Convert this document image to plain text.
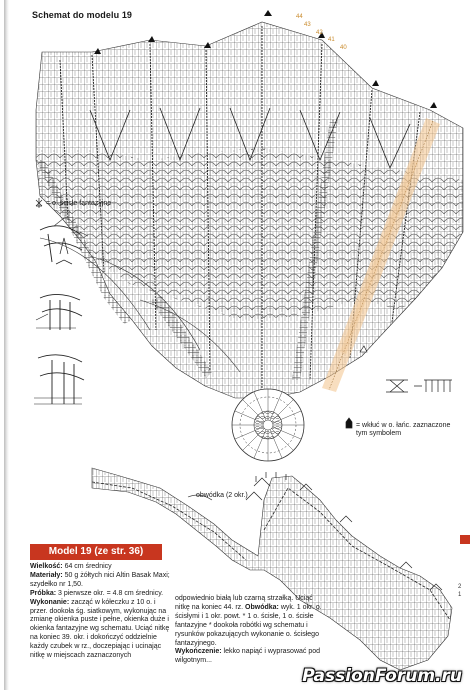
Schemat do modelu 19	44
43
42
41
40
= o. ścisłe fantazyjne
= wkłuć w o. łańc. zaznaczone tym symbolem
obwódka (2 okr.)
2
1
Model 19 (ze str. 36)

Wielkość: 64 cm średnicy

Materiały: 50 g żółtych nici Altin Basak Maxi; szydełko nr 1,50.

Próbka: 3 pierwsze okr. = 4.8 cm średnicy.

Wykonanie: zacząć w kółeczku z 10 o. i przer. dookoła śg. siatkowym, wykonując na zmianę okienka puste i pełne, okienka duże i okienka fantazyjne wg schematu. Uciąć nitkę na koniec 39. okr. i dokończyć oddzielnie każdy czubek w rz., doczepiając i ucinając nitkę w miejscach zaznaczonych

odpowiednio białą lub czarną strzałką. Uciąć nitkę na koniec 44. rz. Obwódka: wyk. 1 okr. o. ścisłymi i 1 okr. powt. * 1 o. ścisłe, 1 o. ścisłe fantazyjne * dookoła robótki wg schematu i rysunków pokazujących wykonanie o. ścisłego fantazyjnego.

Wykończenie: lekko napiąć i wyprasować pod wilgotnym...

PassionForum.ru
